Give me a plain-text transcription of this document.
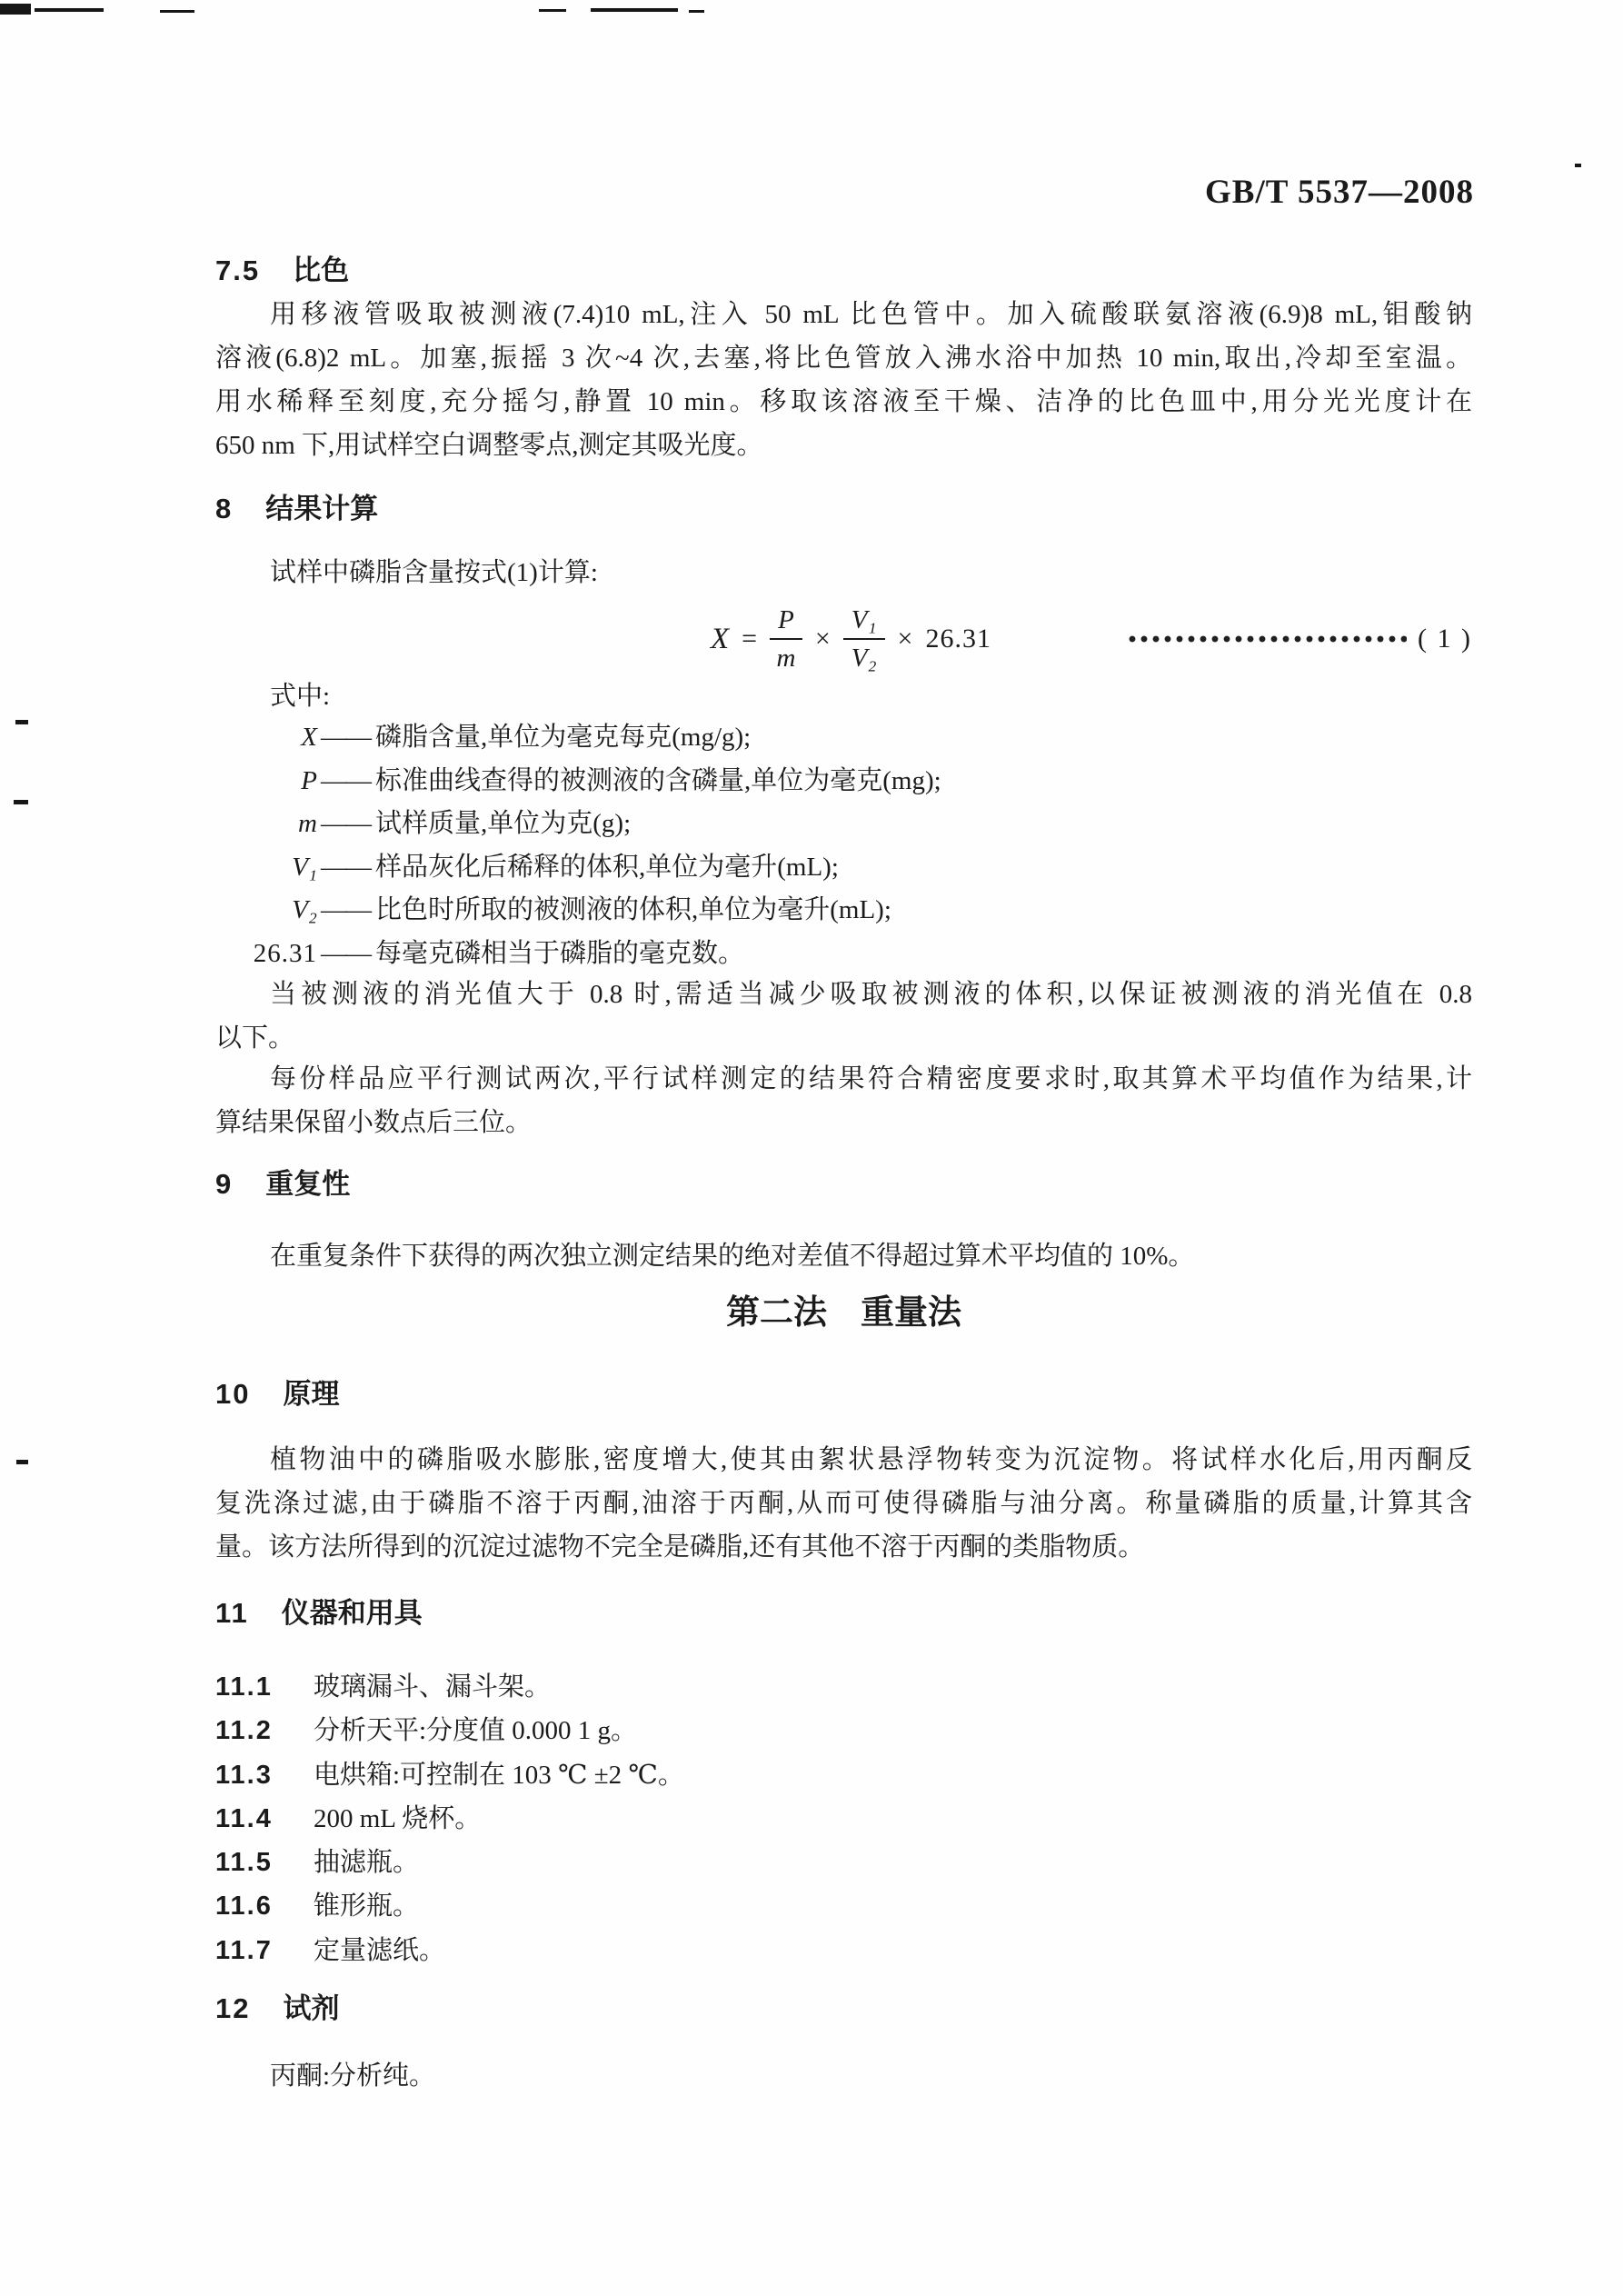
GB/T 5537—2008
7.5 比色
用移液管吸取被测液(7.4)10 mL,注入 50 mL 比色管中。加入硫酸联氨溶液(6.9)8 mL,钼酸钠
溶液(6.8)2 mL。加塞,振摇 3 次~4 次,去塞,将比色管放入沸水浴中加热 10 min,取出,冷却至室温。
用水稀释至刻度,充分摇匀,静置 10 min。移取该溶液至干燥、洁净的比色皿中,用分光光度计在
650 nm 下,用试样空白调整零点,测定其吸光度。
8 结果计算
试样中磷脂含量按式(1)计算:
$X = \frac{P}{m} \times \frac{\text{V₁}}{\text{V₂}} \times 26.31$	( 1 )
式中:
X —— 磷脂含量,单位为毫克每克(mg/g);
P —— 标准曲线查得的被测液的含磷量,单位为毫克(mg);
m —— 试样质量,单位为克(g);
V₁ —— 样品灰化后稀释的体积,单位为毫升(mL);
V₂ —— 比色时所取的被测液的体积,单位为毫升(mL);
26.31 —— 每毫克磷相当于磷脂的毫克数。
当被测液的消光值大于 0.8 时,需适当减少吸取被测液的体积,以保证被测液的消光值在 0.8
以下。
每份样品应平行测试两次,平行试样测定的结果符合精密度要求时,取其算术平均值作为结果,计
算结果保留小数点后三位。
9 重复性
在重复条件下获得的两次独立测定结果的绝对差值不得超过算术平均值的 10%。
第二法　重量法
10 原理
植物油中的磷脂吸水膨胀,密度增大,使其由絮状悬浮物转变为沉淀物。将试样水化后,用丙酮反
复洗涤过滤,由于磷脂不溶于丙酮,油溶于丙酮,从而可使得磷脂与油分离。称量磷脂的质量,计算其含
量。该方法所得到的沉淀过滤物不完全是磷脂,还有其他不溶于丙酮的类脂物质。
11 仪器和用具
11.1	玻璃漏斗、漏斗架。
11.2	分析天平:分度值 0.000 1 g。
11.3	电烘箱:可控制在 103 ℃ ±2 ℃。
11.4	200 mL 烧杯。
11.5	抽滤瓶。
11.6	锥形瓶。
11.7	定量滤纸。
12 试剂
丙酮:分析纯。
